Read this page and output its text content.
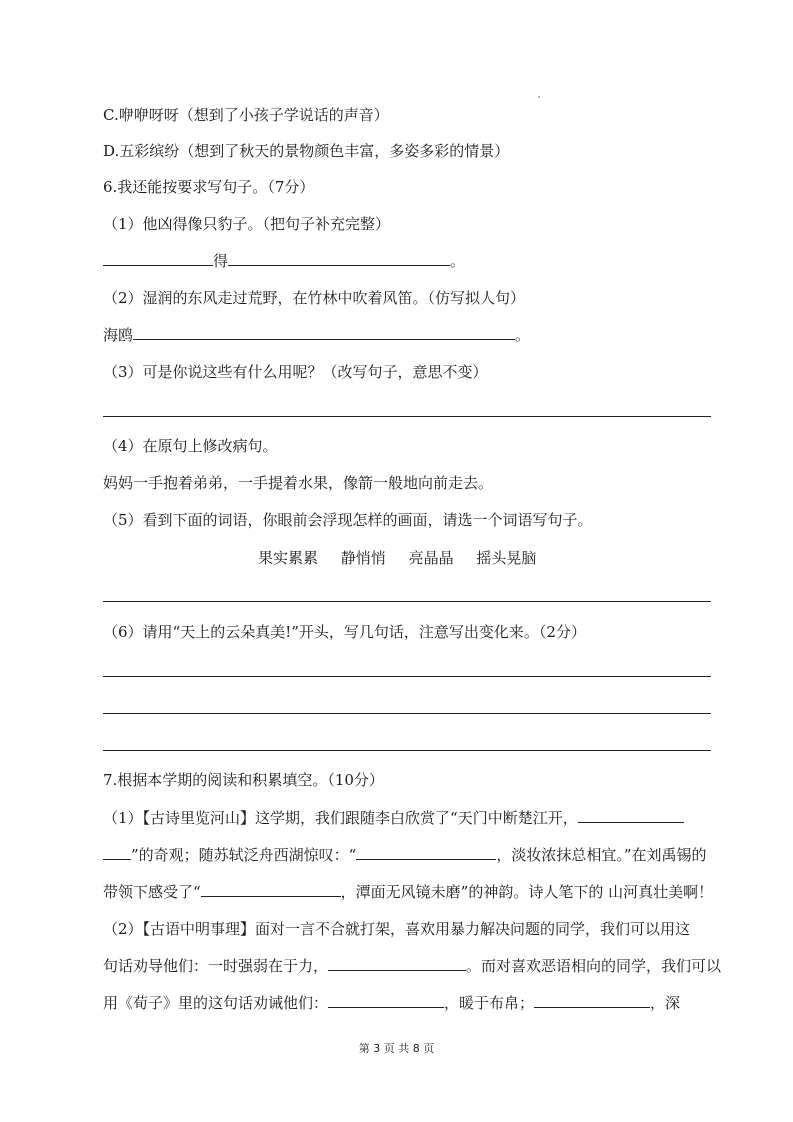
C.咿咿呀呀（想到了小孩子学说话的声音）
D.五彩缤纷（想到了秋天的景物颜色丰富，多姿多彩的情景）
6.我还能按要求写句子。（7分）
（1）他凶得像只豹子。（把句子补充完整）
得	。
（2）湿润的东风走过荒野，在竹林中吹着风笛。（仿写拟人句）
海鸥	。
（3）可是你说这些有什么用呢？（改写句子，意思不变）
（4）在原句上修改病句。
妈妈一手抱着弟弟，一手提着水果，像箭一般地向前走去。
（5）看到下面的词语，你眼前会浮现怎样的画面，请选一个词语写句子。
果实累累 静悄悄 亮晶晶 摇头晃脑
（6）请用“天上的云朵真美!”开头，写几句话，注意写出变化来。（2分）
7.根据本学期的阅读和积累填空。（10分）
（1）【古诗里览河山】这学期，我们跟随李白欣赏了“天门中断楚江开，
”的奇观；随苏轼泛舟西湖惊叹：“	，淡妆浓抹总相宜。”在刘禹锡的
带领下感受了“	，潭面无风镜未磨”的神韵。诗人笔下的 山河真壮美啊！
（2）【古语中明事理】面对一言不合就打架，喜欢用暴力解决问题的同学，我们可以用这
句话劝导他们：一时强弱在于力，	。而对喜欢恶语相向的同学，我们可以
用《荀子》里的这句话劝诫他们：	，暖于布帛；	，深
第 3 页 共 8 页
